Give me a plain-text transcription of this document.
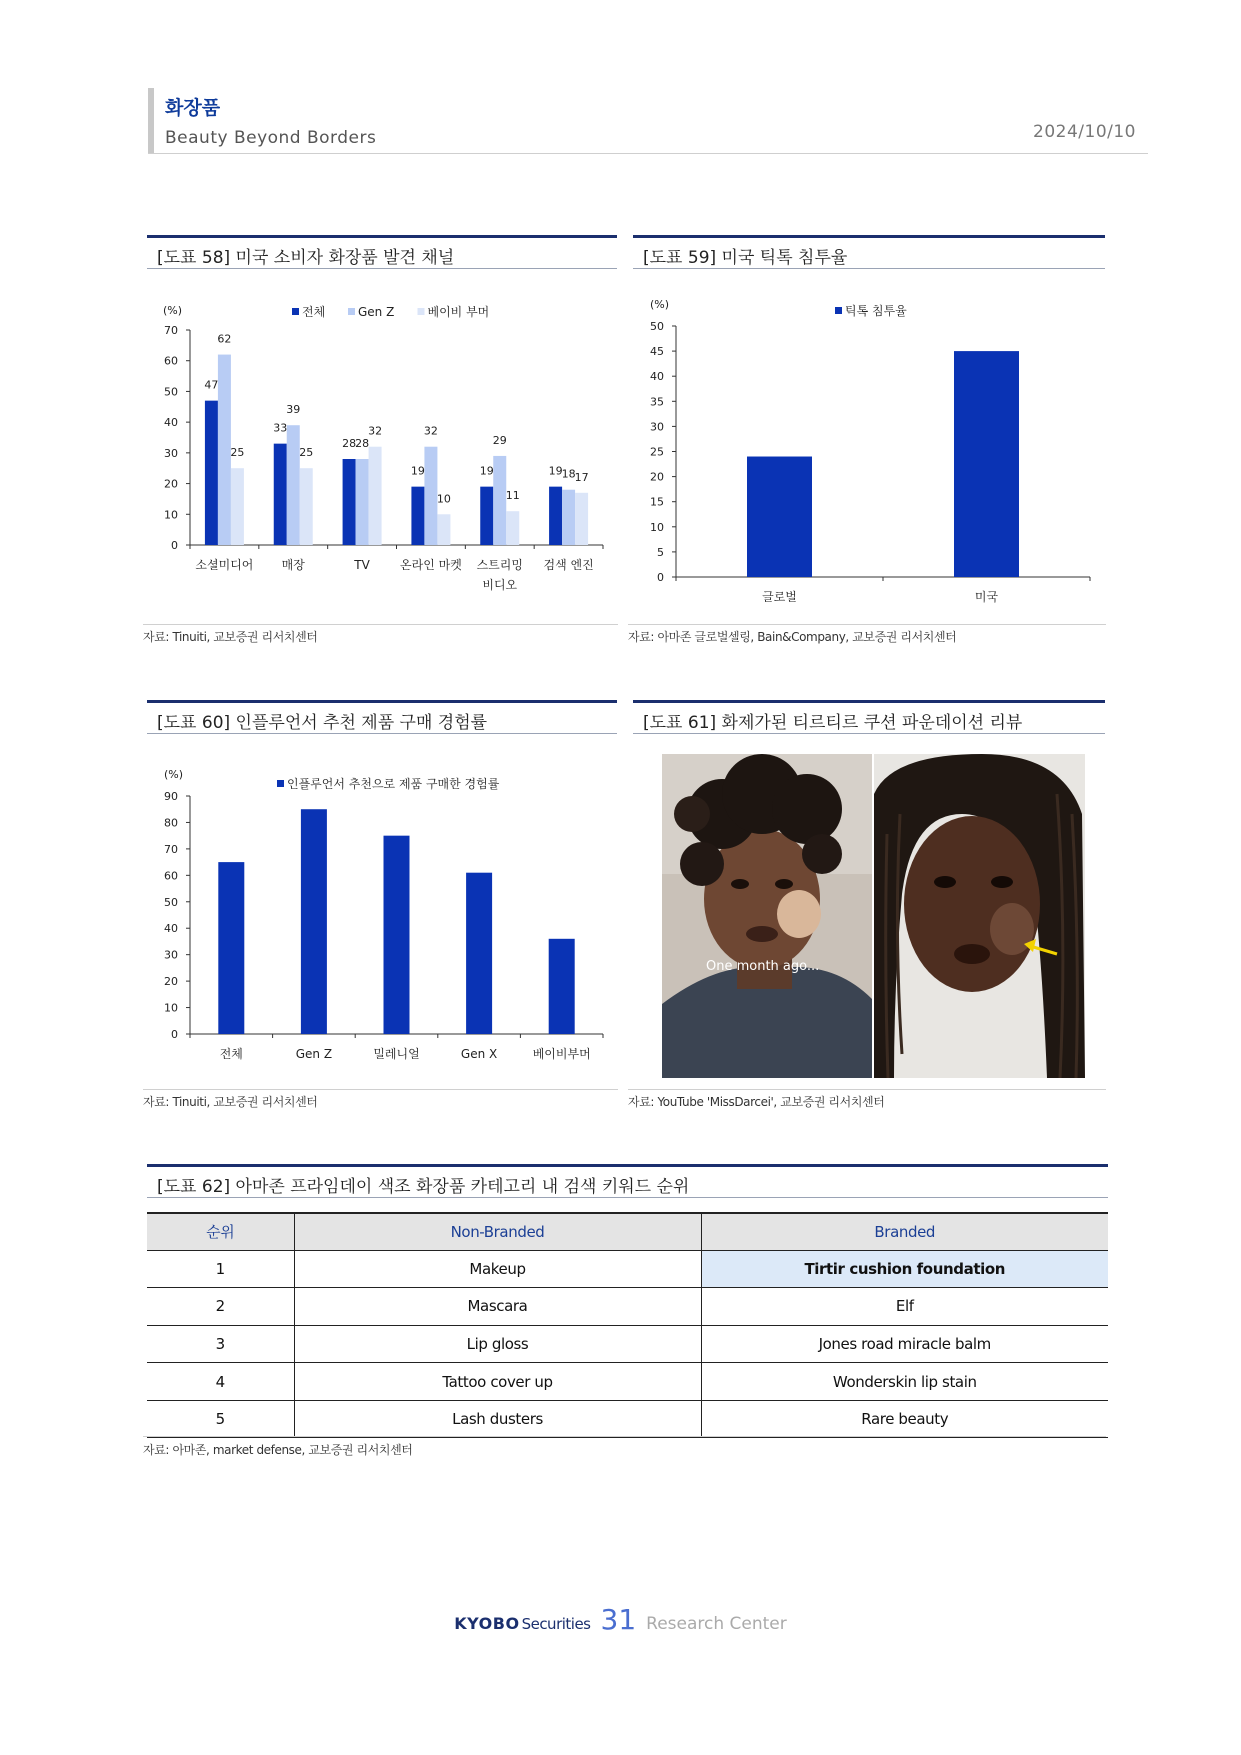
화장품
Beauty Beyond Borders	2024/10/10
[도표 58] 미국 소비자 화장품 발견 채널
(%)
0
10
20
30
40
50
60
70
전체	Gen Z	베이비 부머
47
62
25
소셜미디어
33
39
25
매장
28 28
32
TV
19
32
10
온라인 마켓
19
29
11
스트리밍
비디오
19 18 17
검색 엔진
자료: Tinuiti, 교보증권 리서치센터
[도표 59] 미국 틱톡 침투율
(%)
0
5
10
15
20
25
30
35
40
45
50
틱톡 침투율
글로벌	미국
자료: 아마존 글로벌셀링, Bain&Company, 교보증권 리서치센터
[도표 60] 인플루언서 추천 제품 구매 경험률
(%)
0
10
20
30
40
50
60
70
80
90
인플루언서 추천으로 제품 구매한 경험률
전체	Gen Z	밀레니얼	Gen X	베이비부머
자료: Tinuiti, 교보증권 리서치센터
[도표 61] 화제가된 티르티르 쿠션 파운데이션 리뷰
One month ago...
자료: YouTube 'MissDarcei', 교보증권 리서치센터
[도표 62] 아마존 프라임데이 색조 화장품 카테고리 내 검색 키워드 순위
순위	Non-Branded	Branded
1	Makeup	Tirtir cushion foundation
2	Mascara	Elf
3	Lip gloss	Jones road miracle balm
4	Tattoo cover up	Wonderskin lip stain
5	Lash dusters	Rare beauty
자료: 아마존, market defense, 교보증권 리서치센터
KYOBO Securities 31 Research Center
